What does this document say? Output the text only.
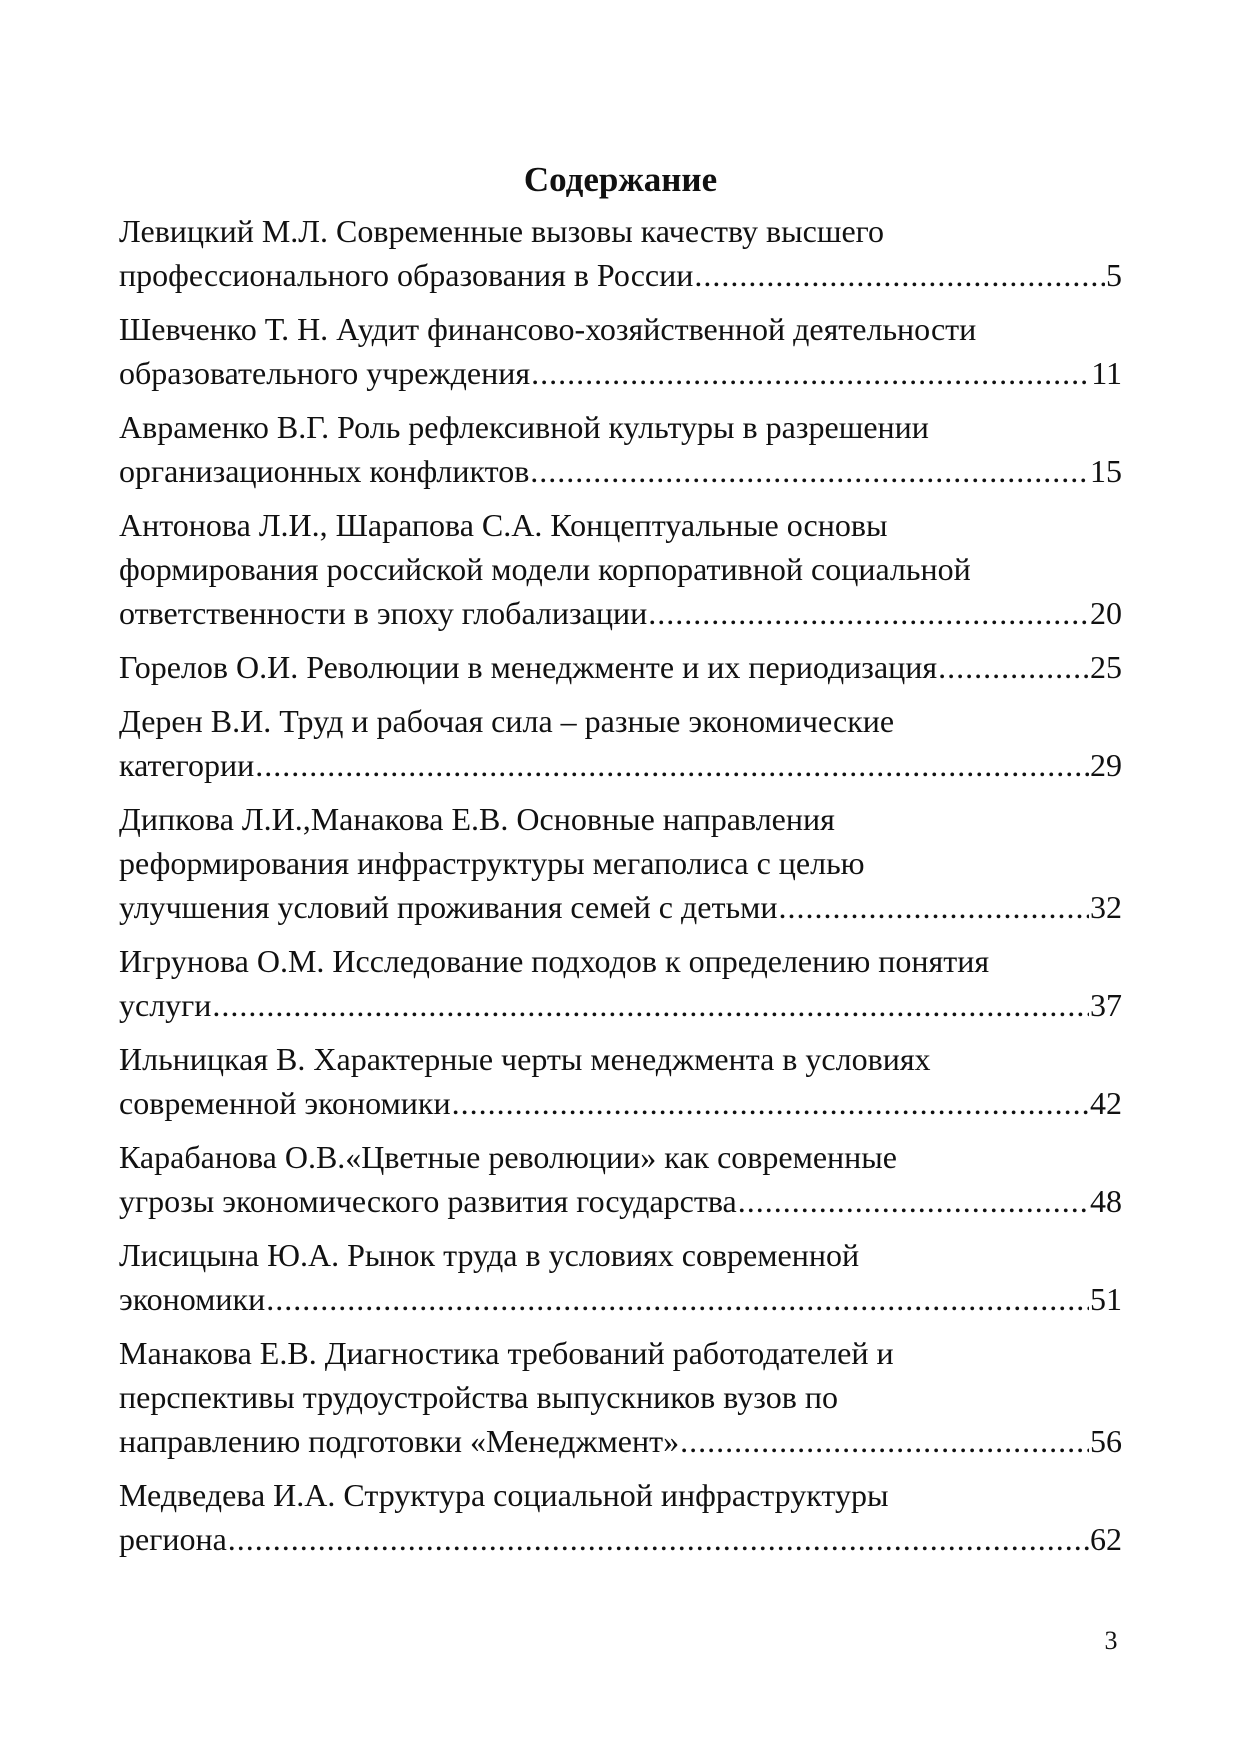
Содержание
Левицкий М.Л. Современные вызовы качеству высшего
профессионального образования в России .....	5
Шевченко Т. Н. Аудит финансово-хозяйственной деятельности
образовательного учреждения .....	11
Авраменко В.Г. Роль рефлексивной культуры в разрешении
организационных конфликтов .....	15
Антонова Л.И., Шарапова С.А. Концептуальные основы
формирования российской модели корпоративной социальной
ответственности в эпоху глобализации .....	20
Горелов О.И. Революции в менеджменте и их периодизация .....	25
Дерен В.И. Труд и рабочая сила – разные экономические
категории .....	29
Дипкова Л.И.,Манакова Е.В. Основные направления
реформирования инфраструктуры мегаполиса с целью
улучшения условий проживания семей с детьми .....	32
Игрунова О.М. Исследование подходов к определению понятия
услуги .....	37
Ильницкая В. Характерные черты менеджмента в условиях
современной экономики .....	42
Карабанова О.В.«Цветные революции» как современные
угрозы экономического развития государства .....	48
Лисицына Ю.А. Рынок труда в условиях современной
экономики .....	51
Манакова Е.В. Диагностика требований работодателей и
перспективы трудоустройства выпускников вузов по
направлению подготовки «Менеджмент» .....	56
Медведева И.А. Структура социальной инфраструктуры
региона .....	62
3
